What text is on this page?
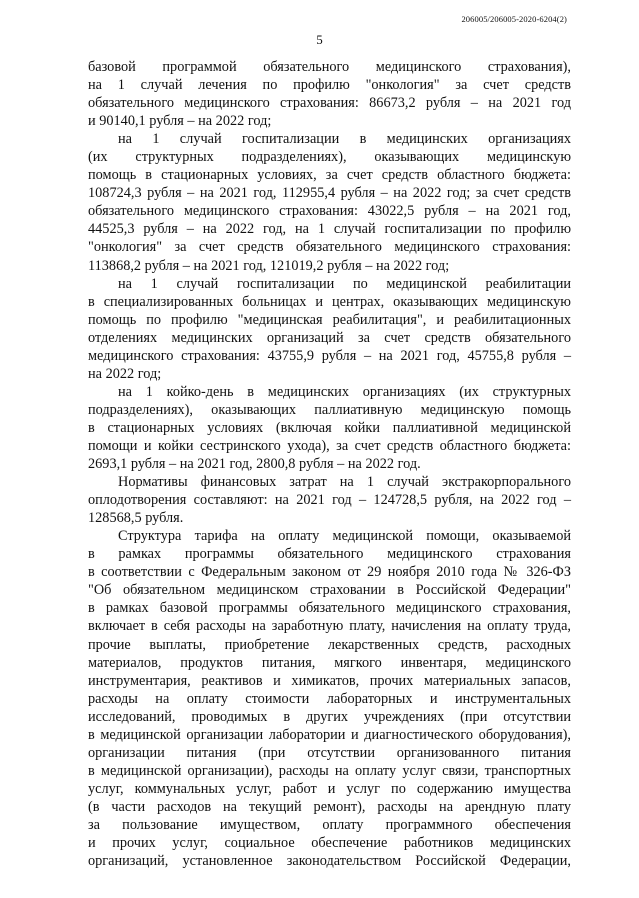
206005/206005-2020-6204(2)
5

базовой программой обязательного медицинского страхования),

на 1 случай лечения по профилю "онкология" за счет средств

обязательного медицинского страхования: 86673,2 рубля – на 2021 год

и 90140,1 рубля – на 2022 год;

на 1 случай госпитализации в медицинских организациях

(их структурных подразделениях), оказывающих медицинскую

помощь в стационарных условиях, за счет средств областного бюджета:

108724,3 рубля – на 2021 год, 112955,4 рубля – на 2022 год; за счет средств

обязательного медицинского страхования: 43022,5 рубля – на 2021 год,

44525,3 рубля – на 2022 год, на 1 случай госпитализации по профилю

"онкология" за счет средств обязательного медицинского страхования:

113868,2 рубля – на 2021 год, 121019,2 рубля – на 2022 год;

на 1 случай госпитализации по медицинской реабилитации

в специализированных больницах и центрах, оказывающих медицинскую

помощь по профилю "медицинская реабилитация", и реабилитационных

отделениях медицинских организаций за счет средств обязательного

медицинского страхования: 43755,9 рубля – на 2021 год, 45755,8 рубля –

на 2022 год;

на 1 койко-день в медицинских организациях (их структурных

подразделениях), оказывающих паллиативную медицинскую помощь

в стационарных условиях (включая койки паллиативной медицинской

помощи и койки сестринского ухода), за счет средств областного бюджета:

2693,1 рубля – на 2021 год, 2800,8 рубля – на 2022 год.

Нормативы финансовых затрат на 1 случай экстракорпорального

оплодотворения составляют: на 2021 год – 124728,5 рубля, на 2022 год –

128568,5 рубля.

Структура тарифа на оплату медицинской помощи, оказываемой

в рамках программы обязательного медицинского страхования

в соответствии с Федеральным законом от 29 ноября 2010 года № 326-ФЗ

"Об обязательном медицинском страховании в Российской Федерации"

в рамках базовой программы обязательного медицинского страхования,

включает в себя расходы на заработную плату, начисления на оплату труда,

прочие выплаты, приобретение лекарственных средств, расходных

материалов, продуктов питания, мягкого инвентаря, медицинского

инструментария, реактивов и химикатов, прочих материальных запасов,

расходы на оплату стоимости лабораторных и инструментальных

исследований, проводимых в других учреждениях (при отсутствии

в медицинской организации лаборатории и диагностического оборудования),

организации питания (при отсутствии организованного питания

в медицинской организации), расходы на оплату услуг связи, транспортных

услуг, коммунальных услуг, работ и услуг по содержанию имущества

(в части расходов на текущий ремонт), расходы на арендную плату

за пользование имуществом, оплату программного обеспечения

и прочих услуг, социальное обеспечение работников медицинских

организаций, установленное законодательством Российской Федерации,
